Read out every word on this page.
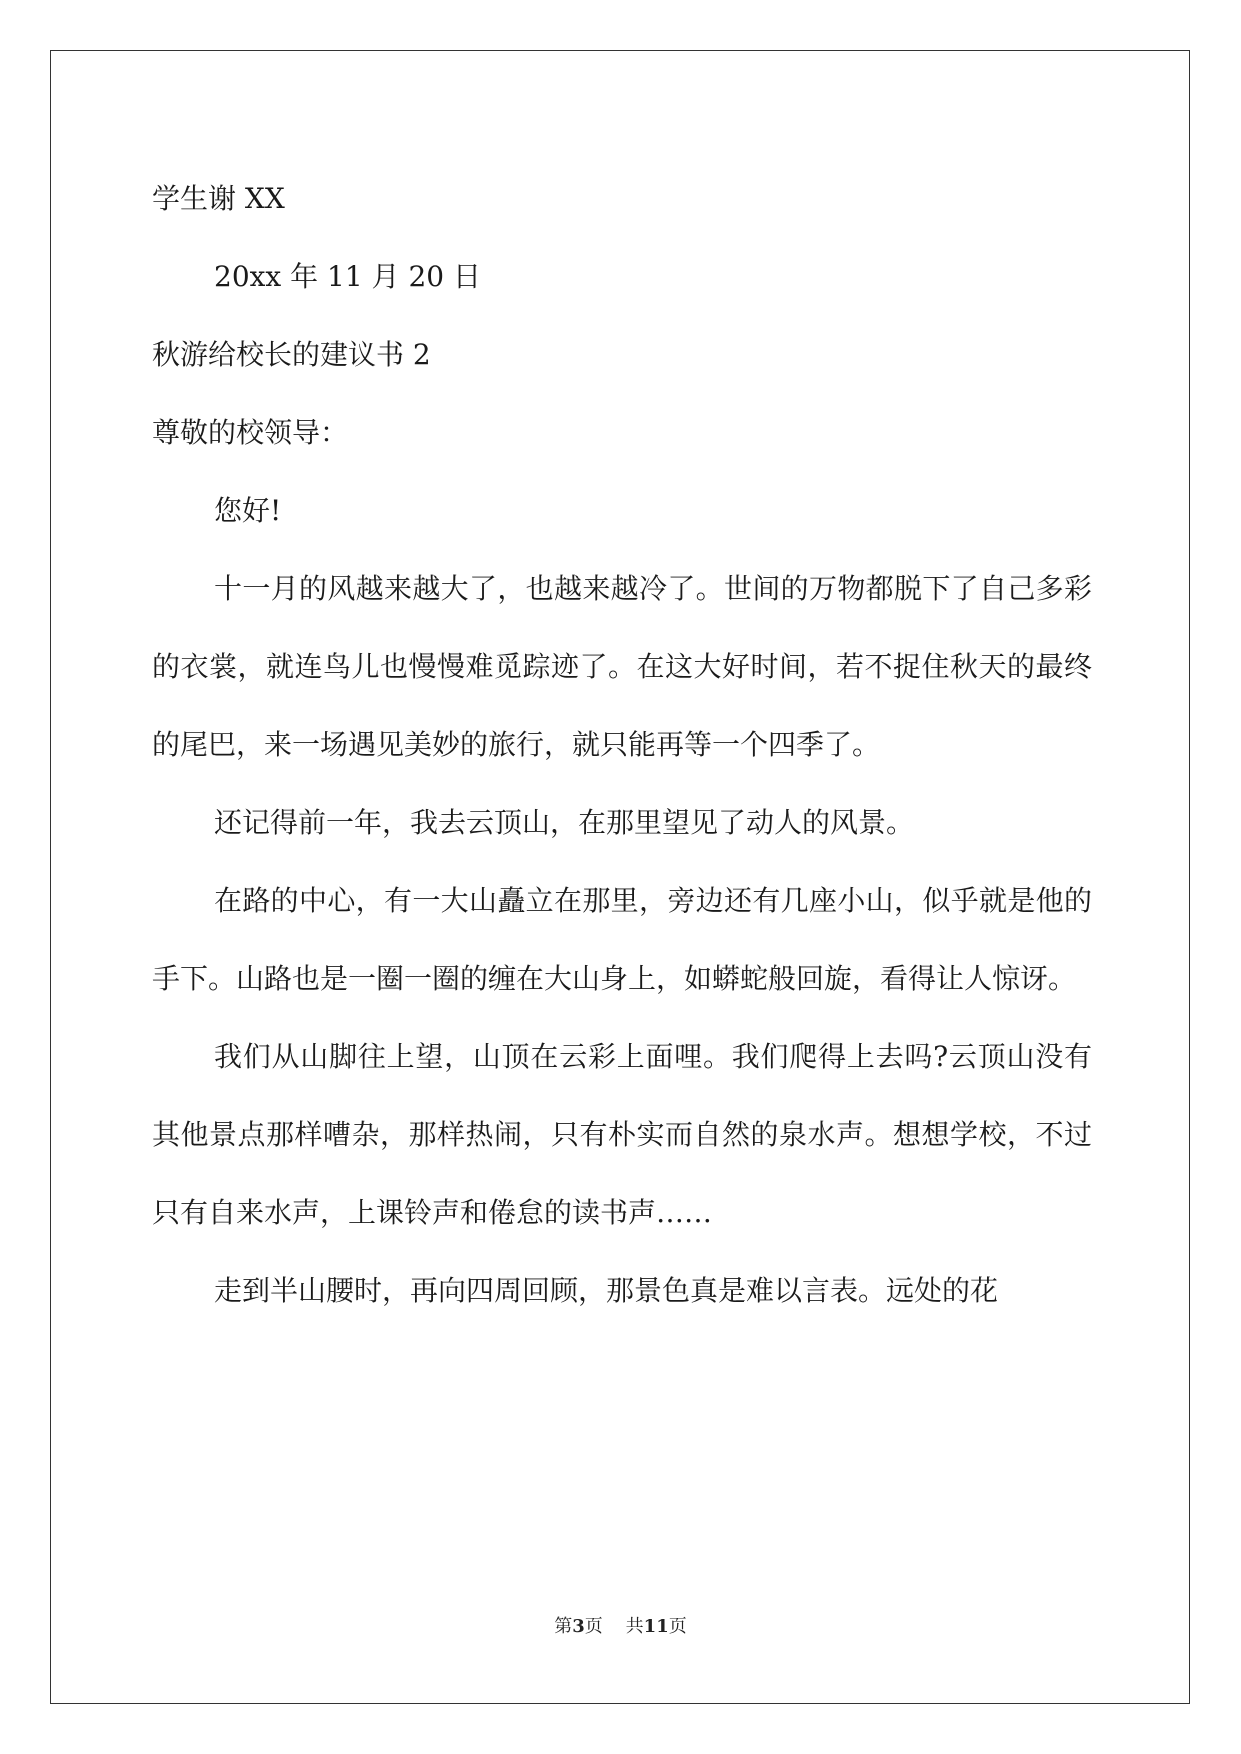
学生谢 XX

20xx 年 11 月 20 日

秋游给校长的建议书 2

尊敬的校领导：

您好!

十一月的风越来越大了，也越来越冷了。世间的万物都脱下了自己多彩的衣裳，就连鸟儿也慢慢难觅踪迹了。在这大好时间，若不捉住秋天的最终的尾巴，来一场遇见美妙的旅行，就只能再等一个四季了。

还记得前一年，我去云顶山，在那里望见了动人的风景。

在路的中心，有一大山矗立在那里，旁边还有几座小山，似乎就是他的手下。山路也是一圈一圈的缠在大山身上，如蟒蛇般回旋，看得让人惊讶。

我们从山脚往上望，山顶在云彩上面哩。我们爬得上去吗?云顶山没有其他景点那样嘈杂，那样热闹，只有朴实而自然的泉水声。想想学校，不过只有自来水声，上课铃声和倦怠的读书声……

走到半山腰时，再向四周回顾，那景色真是难以言表。远处的花

第3页 共11页
